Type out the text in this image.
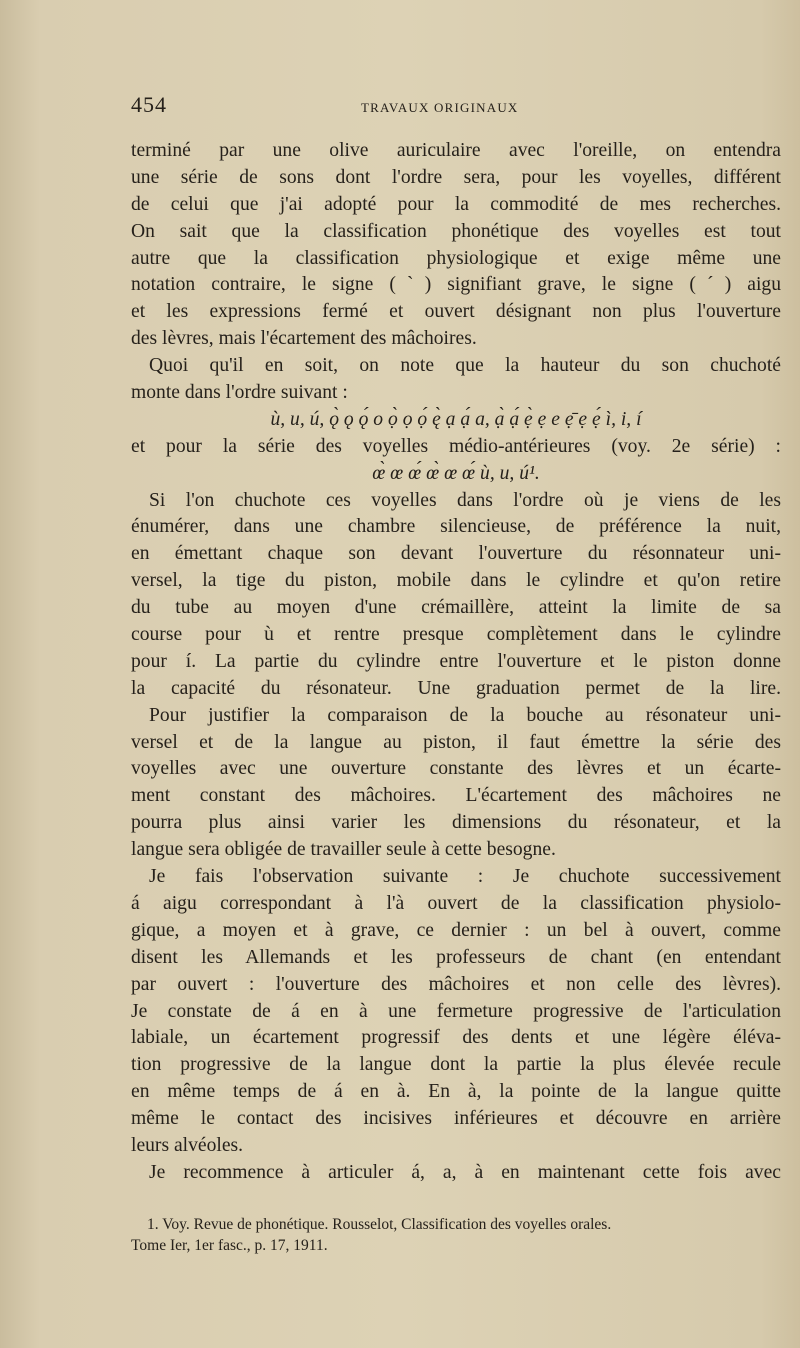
454	TRAVAUX ORIGINAUX
terminé par une olive auriculaire avec l'oreille, on entendra
une série de sons dont l'ordre sera, pour les voyelles, différent
de celui que j'ai adopté pour la commodité de mes recherches.
On sait que la classification phonétique des voyelles est tout
autre que la classification physiologique et exige même une
notation contraire, le signe (ˋ) signifiant grave, le signe (ˊ) aigu
et les expressions fermé et ouvert désignant non plus l'ouverture
des lèvres, mais l'écartement des mâchoires.
Quoi qu'il en soit, on note que la hauteur du son chuchoté
monte dans l'ordre suivant :
ù, u, ú, ǫ̀ ǫ ǫ́ o ọ̀ ọ ọ́ ę̀ ạ ạ́ a, ạ̀ ạ́ ẹ̀ ẹ e ẹ̄ ẹ ẹ́ ì, i, í
et pour la série des voyelles médio-antérieures (voy. 2e série) :
œ̀ œ œ́ œ̀ œ œ́ ù, u, ú¹.
Si l'on chuchote ces voyelles dans l'ordre où je viens de les
énumérer, dans une chambre silencieuse, de préférence la nuit,
en émettant chaque son devant l'ouverture du résonnateur uni-
versel, la tige du piston, mobile dans le cylindre et qu'on retire
du tube au moyen d'une crémaillère, atteint la limite de sa
course pour ù et rentre presque complètement dans le cylindre
pour í. La partie du cylindre entre l'ouverture et le piston donne
la capacité du résonateur. Une graduation permet de la lire.
Pour justifier la comparaison de la bouche au résonateur uni-
versel et de la langue au piston, il faut émettre la série des
voyelles avec une ouverture constante des lèvres et un écarte-
ment constant des mâchoires. L'écartement des mâchoires ne
pourra plus ainsi varier les dimensions du résonateur, et la
langue sera obligée de travailler seule à cette besogne.
Je fais l'observation suivante : Je chuchote successivement
á aigu correspondant à l'à ouvert de la classification physiolo-
gique, a moyen et à grave, ce dernier : un bel à ouvert, comme
disent les Allemands et les professeurs de chant (en entendant
par ouvert : l'ouverture des mâchoires et non celle des lèvres).
Je constate de á en à une fermeture progressive de l'articulation
labiale, un écartement progressif des dents et une légère éléva-
tion progressive de la langue dont la partie la plus élevée recule
en même temps de á en à. En à, la pointe de la langue quitte
même le contact des incisives inférieures et découvre en arrière
leurs alvéoles.
Je recommence à articuler á, a, à en maintenant cette fois avec
1. Voy. Revue de phonétique. Rousselot, Classification des voyelles orales.
Tome Ier, 1er fasc., p. 17, 1911.
